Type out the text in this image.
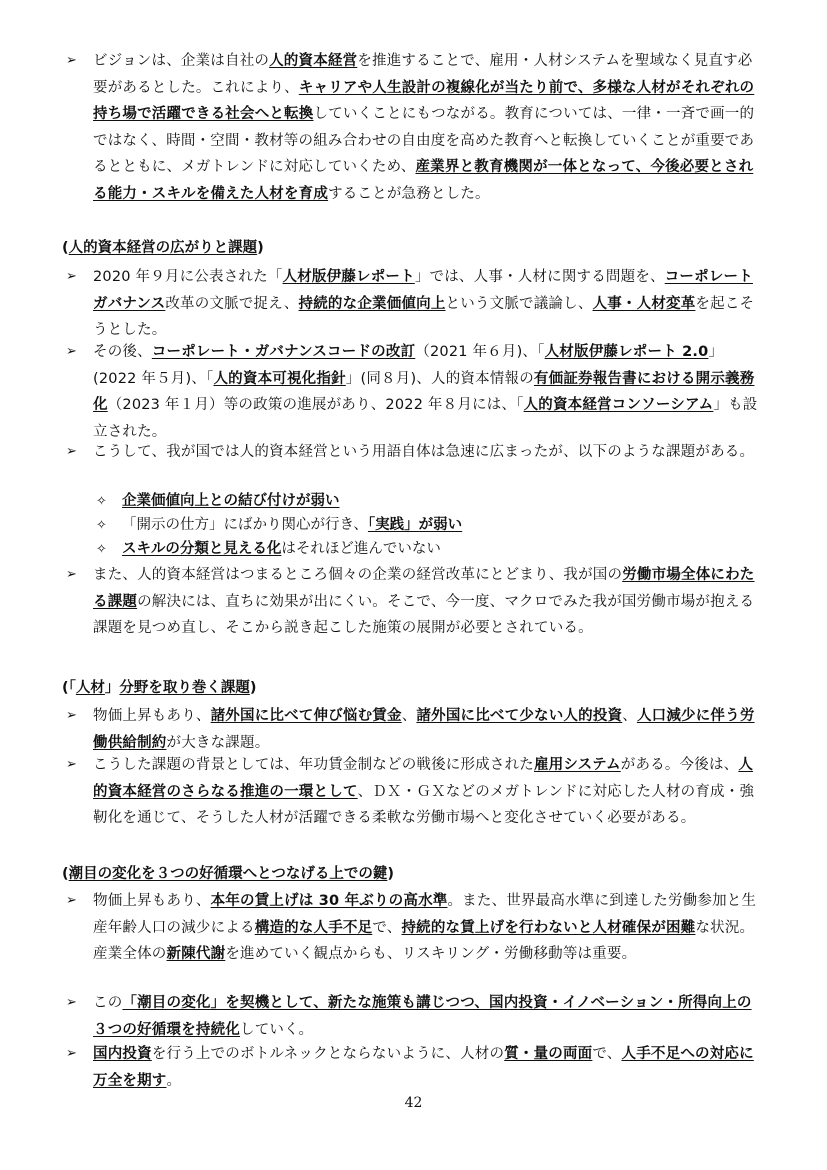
➢ ビジョンは、企業は自社の人的資本経営を推進することで、雇用・人材システムを聖域なく見直す必要があるとした。これにより、キャリアや人生設計の複線化が当たり前で、多様な人材がそれぞれの持ち場で活躍できる社会へと転換していくことにもつながる。教育については、一律・一斉で画一的ではなく、時間・空間・教材等の組み合わせの自由度を高めた教育へと転換していくことが重要であるとともに、メガトレンドに対応していくため、産業界と教育機関が一体となって、今後必要とされる能力・スキルを備えた人材を育成することが急務とした。
(人的資本経営の広がりと課題)
➢ 2020 年９月に公表された「人材版伊藤レポート」では、人事・人材に関する問題を、コーポレートガバナンス改革の文脈で捉え、持続的な企業価値向上という文脈で議論し、人事・人材変革を起こそうとした。
➢ その後、コーポレート・ガバナンスコードの改訂（2021 年６月)、「人材版伊藤レポート 2.0」(2022 年５月)、「人的資本可視化指針」(同８月)、人的資本情報の有価証券報告書における開示義務化（2023 年１月）等の政策の進展があり、2022 年８月には、「人的資本経営コンソーシアム」も設立された。
➢ こうして、我が国では人的資本経営という用語自体は急速に広まったが、以下のような課題がある。
✧ 企業価値向上との結び付けが弱い
✧ 「開示の仕方」にばかり関心が行き、「実践」が弱い
✧ スキルの分類と見える化はそれほど進んでいない
➢ また、人的資本経営はつまるところ個々の企業の経営改革にとどまり、我が国の労働市場全体にわたる課題の解決には、直ちに効果が出にくい。そこで、今一度、マクロでみた我が国労働市場が抱える課題を見つめ直し、そこから説き起こした施策の展開が必要とされている。
(「人材」分野を取り巻く課題)
➢ 物価上昇もあり、諸外国に比べて伸び悩む賃金、諸外国に比べて少ない人的投資、人口減少に伴う労働供給制約が大きな課題。
➢ こうした課題の背景としては、年功賃金制などの戦後に形成された雇用システムがある。今後は、人的資本経営のさらなる推進の一環として、ＤＸ・ＧＸなどのメガトレンドに対応した人材の育成・強靭化を通じて、そうした人材が活躍できる柔軟な労働市場へと変化させていく必要がある。
(潮目の変化を３つの好循環へとつなげる上での鍵)
➢ 物価上昇もあり、本年の賃上げは 30 年ぶりの高水準。また、世界最高水準に到達した労働参加と生産年齢人口の減少による構造的な人手不足で、持続的な賃上げを行わないと人材確保が困難な状況。産業全体の新陳代謝を進めていく観点からも、リスキリング・労働移動等は重要。
➢ この「潮目の変化」を契機として、新たな施策も講じつつ、国内投資・イノベーション・所得向上の３つの好循環を持続化していく。
➢ 国内投資を行う上でのボトルネックとならないように、人材の質・量の両面で、人手不足への対応に万全を期す。
42
